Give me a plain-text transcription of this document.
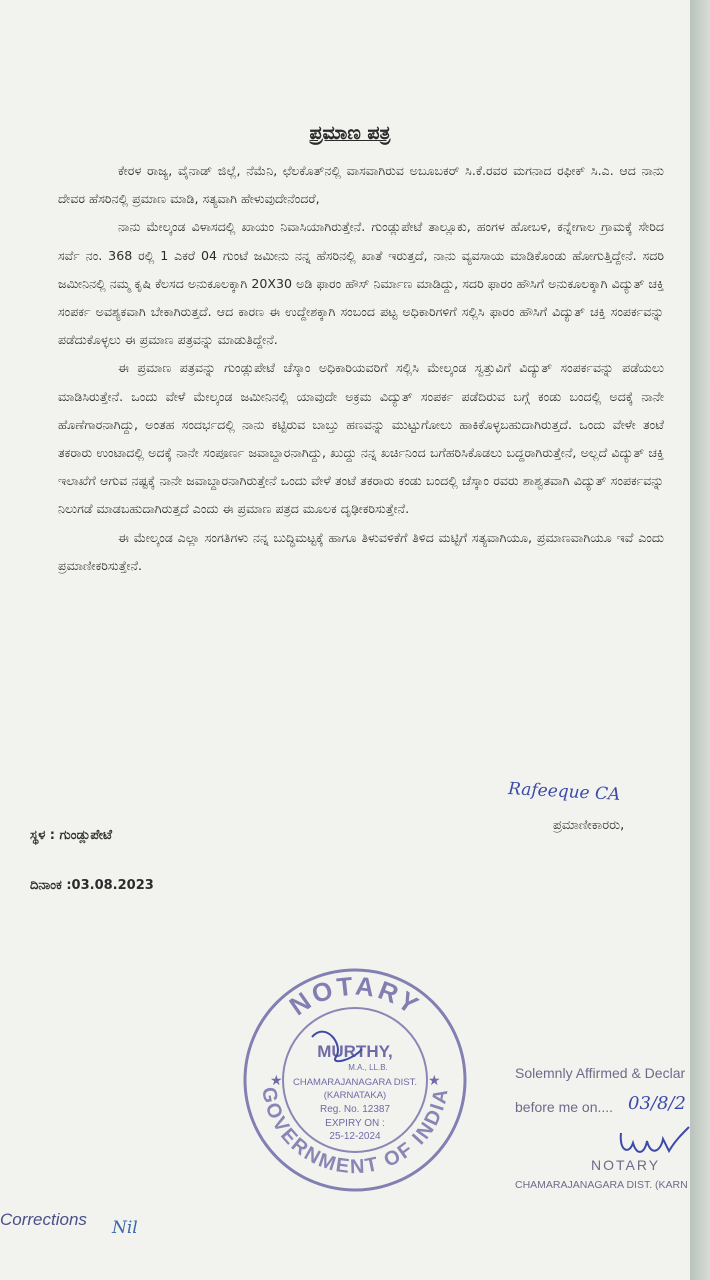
ಪ್ರಮಾಣ ಪತ್ರ

ಕೇರಳ ರಾಜ್ಯ, ವೈನಾಡ್ ಜಿಲ್ಲೆ, ನೆಮೆನಿ, ಛೆಲಕೊತ್‌ನಲ್ಲಿ ವಾಸವಾಗಿರುವ ಅಬೂಬಕರ್ ಸಿ.ಕೆ.ರವರ ಮಗನಾದ ರಫೀಕ್ ಸಿ.ಎ. ಆದ ನಾನು ದೇವರ ಹೆಸರಿನಲ್ಲಿ ಪ್ರಮಾಣ ಮಾಡಿ, ಸತ್ಯವಾಗಿ ಹೇಳುವುದೇನೆಂದರೆ,

ನಾನು ಮೇಲ್ಕಂಡ ವಿಳಾಸದಲ್ಲಿ ಖಾಯಂ ನಿವಾಸಿಯಾಗಿರುತ್ತೇನೆ. ಗುಂಡ್ಲುಪೇಟೆ ತಾಲ್ಲೂಕು, ಹಂಗಳ ಹೋಬಳಿ, ಕನ್ನೇಗಾಲ ಗ್ರಾಮಕ್ಕೆ ಸೇರಿದ ಸರ್ವೆ ನಂ. 368 ರಲ್ಲಿ 1 ಎಕರೆ 04 ಗುಂಟೆ ಜಮೀನು ನನ್ನ ಹೆಸರಿನಲ್ಲಿ ಖಾತೆ ಇರುತ್ತದೆ, ನಾನು ವ್ಯವಸಾಯ ಮಾಡಿಕೊಂಡು ಹೋಗುತ್ತಿದ್ದೇನೆ. ಸದರಿ ಜಮೀನಿನಲ್ಲಿ ನಮ್ಮ ಕೃಷಿ ಕೆಲಸದ ಅನುಕೂಲಕ್ಕಾಗಿ 20X30 ಅಡಿ ಫಾರಂ ಹೌಸ್ ನಿರ್ಮಾಣ ಮಾಡಿದ್ದು, ಸದರಿ ಫಾರಂ ಹೌಸಿಗೆ ಅನುಕೂಲಕ್ಕಾಗಿ ವಿದ್ಯುತ್ ಚಕ್ತಿ ಸಂಪರ್ಕ ಅವಶ್ಯಕವಾಗಿ ಬೇಕಾಗಿರುತ್ತದೆ. ಆದ ಕಾರಣ ಈ ಉದ್ದೇಶಕ್ಕಾಗಿ ಸಂಬಂದ ಪಟ್ಟ ಅಧಿಕಾರಿಗಳಿಗೆ ಸಲ್ಲಿಸಿ ಫಾರಂ ಹೌಸಿಗೆ ವಿದ್ಯುತ್ ಚಕ್ತಿ ಸಂಪರ್ಕವನ್ನು ಪಡೆದುಕೊಳ್ಳಲು ಈ ಪ್ರಮಾಣ ಪತ್ರವನ್ನು ಮಾಡುತಿದ್ದೇನೆ.

ಈ ಪ್ರಮಾಣ ಪತ್ರವನ್ನು ಗುಂಡ್ಲುಪೇಟೆ ಚೆಸ್ಕಾಂ ಅಧಿಕಾರಿಯವರಿಗೆ ಸಲ್ಲಿಸಿ ಮೇಲ್ಕಂಡ ಸ್ವತ್ತುವಿಗೆ ವಿದ್ಯುತ್ ಸಂಪರ್ಕವನ್ನು ಪಡೆಯಲು ಮಾಡಿಸಿರುತ್ತೇನೆ. ಒಂದು ವೇಳೆ ಮೇಲ್ಕಂಡ ಜಮೀನಿನಲ್ಲಿ ಯಾವುದೇ ಅಕ್ರಮ ವಿದ್ಯುತ್ ಸಂಪರ್ಕ ಪಡೆದಿರುವ ಬಗ್ಗೆ ಕಂಡು ಬಂದಲ್ಲಿ ಅದಕ್ಕೆ ನಾನೇ ಹೊಣೆಗಾರನಾಗಿದ್ದು, ಅಂತಹ ಸಂದರ್ಭದಲ್ಲಿ ನಾನು ಕಟ್ಟಿರುವ ಬಾಬ್ತು ಹಣವನ್ನು ಮುಟ್ಟುಗೋಲು ಹಾಕಿಕೊಳ್ಳಬಹುದಾಗಿರುತ್ತದೆ. ಒಂದು ವೇಳೇ ತಂಟೆ ತಕರಾರು ಉಂಟಾದಲ್ಲಿ ಅದಕ್ಕೆ ನಾನೇ ಸಂಪೂರ್ಣ ಜವಾಬ್ದಾರನಾಗಿದ್ದು, ಖುದ್ದು ನನ್ನ ಖರ್ಚಿನಿಂದ ಬಗೆಹರಿಸಿಕೊಡಲು ಬದ್ದರಾಗಿರುತ್ತೇನೆ, ಅಲ್ಲದೆ ವಿದ್ಯುತ್ ಚಕ್ತಿ ಇಲಾಖೆಗೆ ಆಗುವ ನಷ್ಟಕ್ಕೆ ನಾನೇ ಜವಾಬ್ದಾರನಾಗಿರುತ್ತೇನೆ ಒಂದು ವೇಳೆ ತಂಟೆ ತಕರಾರು ಕಂಡು ಬಂದಲ್ಲಿ ಚೆಸ್ಕಾಂ ರವರು ಶಾಶ್ವತವಾಗಿ ವಿದ್ಯುತ್ ಸಂಪರ್ಕವನ್ನು ನಿಲುಗಡೆ ಮಾಡಬಹುದಾಗಿರುತ್ತದೆ ಎಂದು ಈ ಪ್ರಮಾಣ ಪತ್ರದ ಮೂಲಕ ದೃಢೀಕರಿಸುತ್ತೇನೆ.

ಈ ಮೇಲ್ಕಂಡ ಎಲ್ಲಾ ಸಂಗತಿಗಳು ನನ್ನ ಬುದ್ಧಿಮಟ್ಟಕ್ಕೆ ಹಾಗೂ ತಿಳುವಳಿಕೆಗೆ ತಿಳಿದ ಮಟ್ಟಿಗೆ ಸತ್ಯವಾಗಿಯೂ, ಪ್ರಮಾಣವಾಗಿಯೂ ಇವೆ ಎಂದು ಪ್ರಮಾಣೀಕರಿಸುತ್ತೇನೆ.

Rafeeque CA
ಪ್ರಮಾಣೀಕಾರರು,
ಸ್ಥಳ : ಗುಂಡ್ಲುಪೇಟೆ
ದಿನಾಂಕ :03.08.2023
NOTARY
GOVERNMENT OF INDIA
★	★
MURTHY,
M.A., LL.B.
CHAMARAJANAGARA DIST.
(KARNATAKA)
Reg. No. 12387
EXPIRY ON :
25-12-2024
Solemnly Affirmed & Declar
before me on.... 03/8/2
NOTARY
CHAMARAJANAGARA DIST. (KARN
Corrections Nil
